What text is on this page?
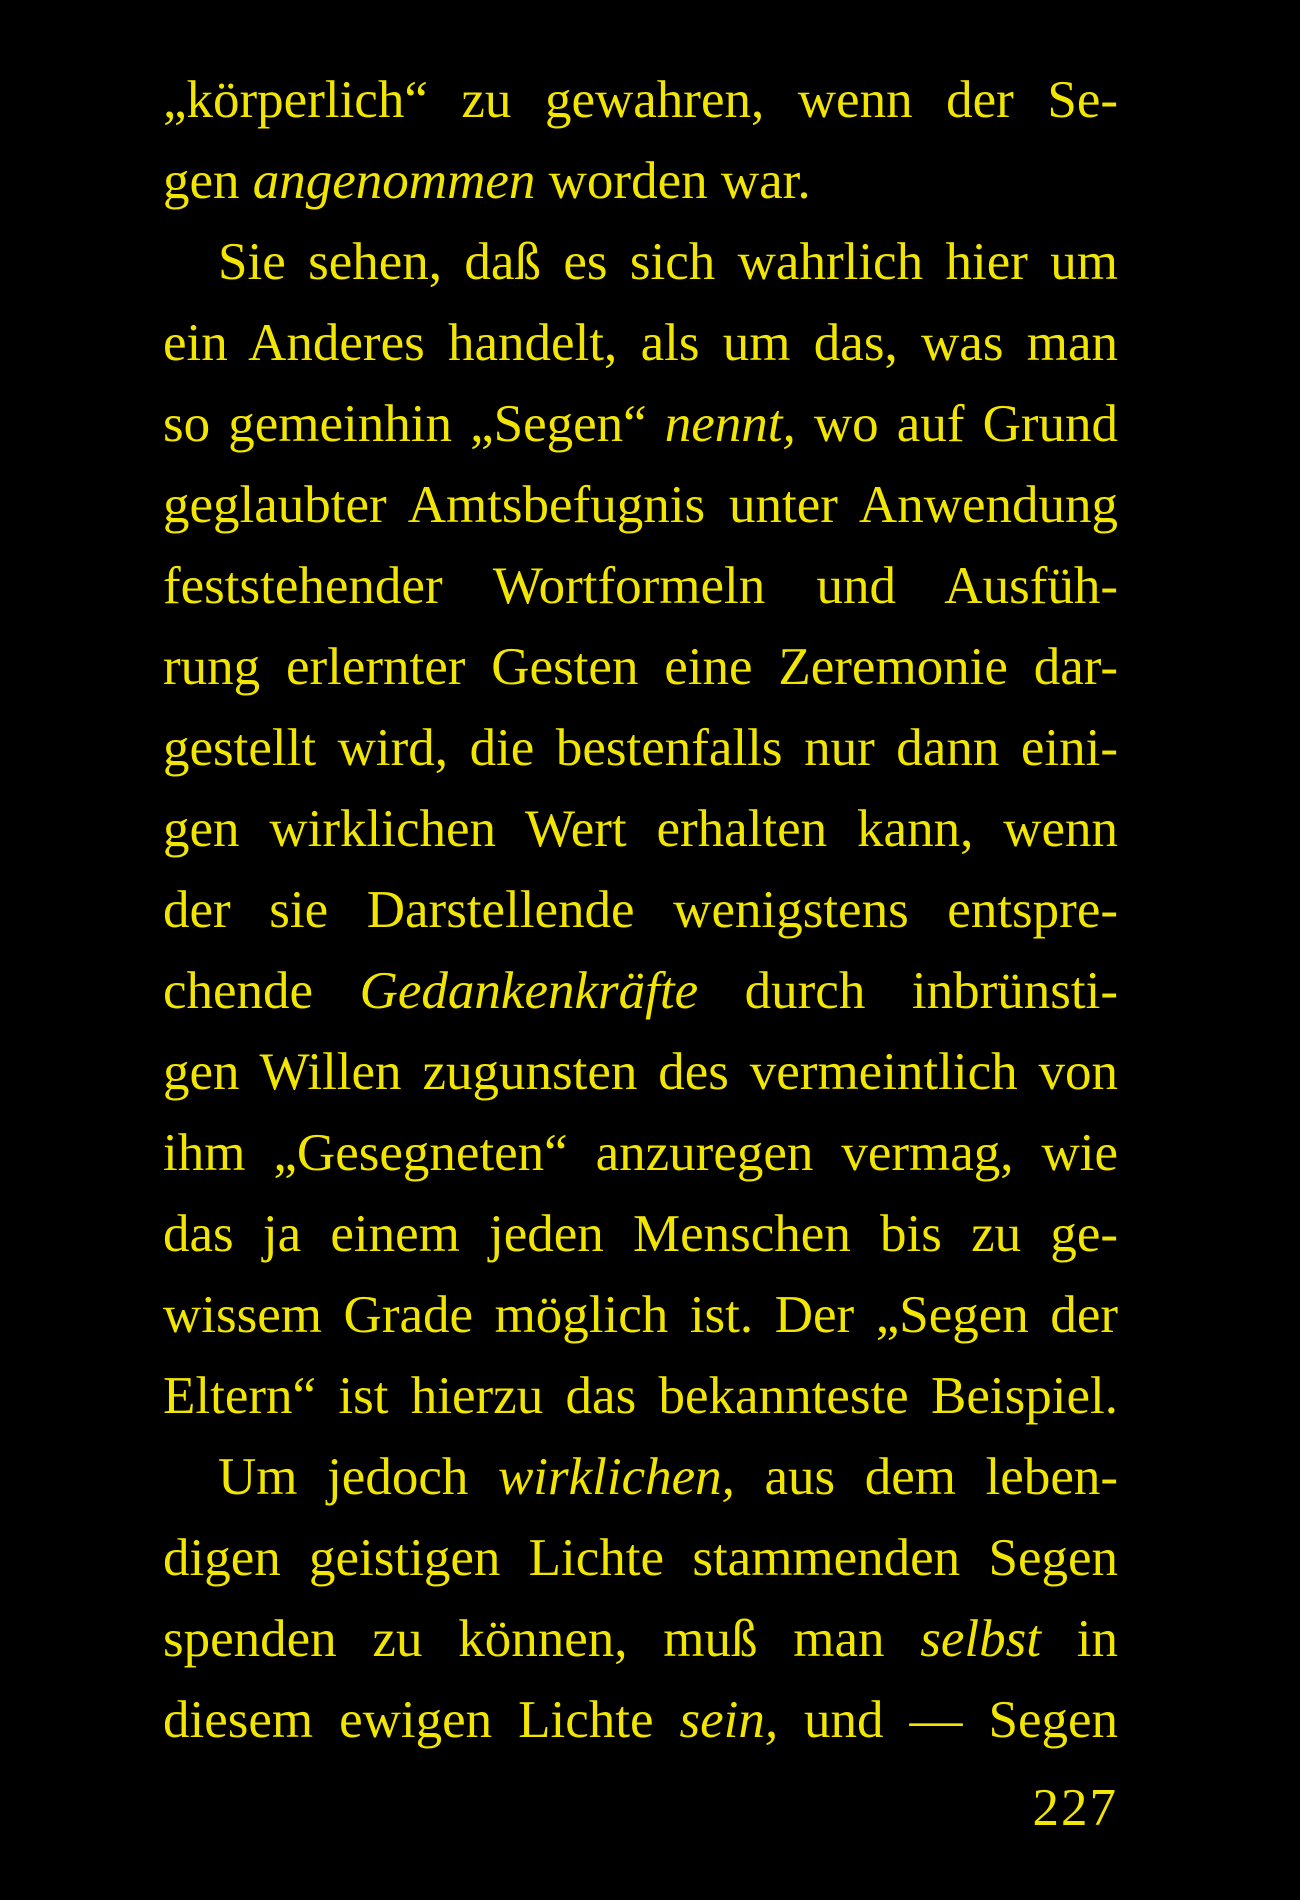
„körperlich“ zu gewahren, wenn der Se-
gen angenommen worden war.
Sie sehen, daß es sich wahrlich hier um
ein Anderes handelt, als um das, was man
so gemeinhin „Segen“ nennt, wo auf Grund
geglaubter Amtsbefugnis unter Anwendung
feststehender Wortformeln und Ausfüh-
rung erlernter Gesten eine Zeremonie dar-
gestellt wird, die bestenfalls nur dann eini-
gen wirklichen Wert erhalten kann, wenn
der sie Darstellende wenigstens entspre-
chende Gedankenkräfte durch inbrünsti-
gen Willen zugunsten des vermeintlich von
ihm „Gesegneten“ anzuregen vermag, wie
das ja einem jeden Menschen bis zu ge-
wissem Grade möglich ist. Der „Segen der
Eltern“ ist hierzu das bekannteste Beispiel.
Um jedoch wirklichen, aus dem leben-
digen geistigen Lichte stammenden Segen
spenden zu können, muß man selbst in
diesem ewigen Lichte sein, und — Segen
227
